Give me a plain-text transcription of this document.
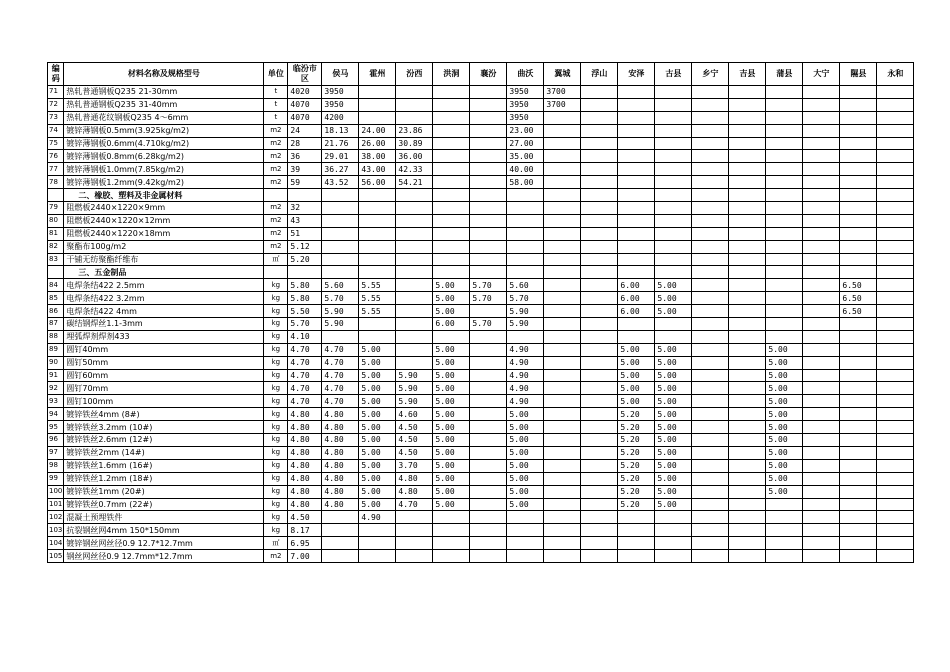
编码	材料名称及规格型号	单位	临汾市区	侯马	霍州	汾西	洪洞	襄汾	曲沃	翼城	浮山	安泽	古县	乡宁	吉县	蒲县	大宁	隰县	永和
71	热轧普通钢板Q235 21-30mm	t	4020	3950					3950	3700									
72	热轧普通钢板Q235 31-40mm	t	4070	3950					3950	3700									
73	热轧普通花纹钢板Q235 4～6mm	t	4070	4200					3950										
74	镀锌薄钢板0.5mm(3.925kg/m2)	m2	24	18.13	24.00	23.86			23.00										
75	镀锌薄钢板0.6mm(4.710kg/m2)	m2	28	21.76	26.00	30.89			27.00										
76	镀锌薄钢板0.8mm(6.28kg/m2)	m2	36	29.01	38.00	36.00			35.00										
77	镀锌薄钢板1.0mm(7.85kg/m2)	m2	39	36.27	43.00	42.33			40.00										
78	镀锌薄钢板1.2mm(9.42kg/m2)	m2	59	43.52	56.00	54.21			58.00										
	二、橡胶、塑料及非金属材料																		
79	阻燃板2440×1220×9mm	m2	32																
80	阻燃板2440×1220×12mm	m2	43																
81	阻燃板2440×1220×18mm	m2	51																
82	聚酯布100g/m2	m2	5.12																
83	干铺无纺聚酯纤维布	㎡	5.20																
	三、五金制品																		
84	电焊条结422 2.5mm	kg	5.80	5.60	5.55		5.00	5.70	5.60			6.00	5.00					6.50	
85	电焊条结422 3.2mm	kg	5.80	5.70	5.55		5.00	5.70	5.70			6.00	5.00					6.50	
86	电焊条结422 4mm	kg	5.50	5.90	5.55		5.00		5.90			6.00	5.00					6.50	
87	碳结钢焊丝1.1-3mm	kg	5.70	5.90			6.00	5.70	5.90										
88	埋弧焊剂焊剂433	kg	4.10																
89	圆钉40mm	kg	4.70	4.70	5.00		5.00		4.90			5.00	5.00			5.00			
90	圆钉50mm	kg	4.70	4.70	5.00		5.00		4.90			5.00	5.00			5.00			
91	圆钉60mm	kg	4.70	4.70	5.00	5.90	5.00		4.90			5.00	5.00			5.00			
92	圆钉70mm	kg	4.70	4.70	5.00	5.90	5.00		4.90			5.00	5.00			5.00			
93	圆钉100mm	kg	4.70	4.70	5.00	5.90	5.00		4.90			5.00	5.00			5.00			
94	镀锌铁丝4mm (8#)	kg	4.80	4.80	5.00	4.60	5.00		5.00			5.20	5.00			5.00			
95	镀锌铁丝3.2mm (10#)	kg	4.80	4.80	5.00	4.50	5.00		5.00			5.20	5.00			5.00			
96	镀锌铁丝2.6mm (12#)	kg	4.80	4.80	5.00	4.50	5.00		5.00			5.20	5.00			5.00			
97	镀锌铁丝2mm (14#)	kg	4.80	4.80	5.00	4.50	5.00		5.00			5.20	5.00			5.00			
98	镀锌铁丝1.6mm (16#)	kg	4.80	4.80	5.00	3.70	5.00		5.00			5.20	5.00			5.00			
99	镀锌铁丝1.2mm (18#)	kg	4.80	4.80	5.00	4.80	5.00		5.00			5.20	5.00			5.00			
100	镀锌铁丝1mm (20#)	kg	4.80	4.80	5.00	4.80	5.00		5.00			5.20	5.00			5.00			
101	镀锌铁丝0.7mm (22#)	kg	4.80	4.80	5.00	4.70	5.00		5.00			5.20	5.00						
102	混凝土预埋铁件	kg	4.50		4.90														
103	抗裂钢丝网4mm 150*150mm	kg	8.17																
104	镀锌钢丝网丝径0.9 12.7*12.7mm	㎡	6.95																
105	钢丝网丝径0.9 12.7mm*12.7mm	m2	7.00																
